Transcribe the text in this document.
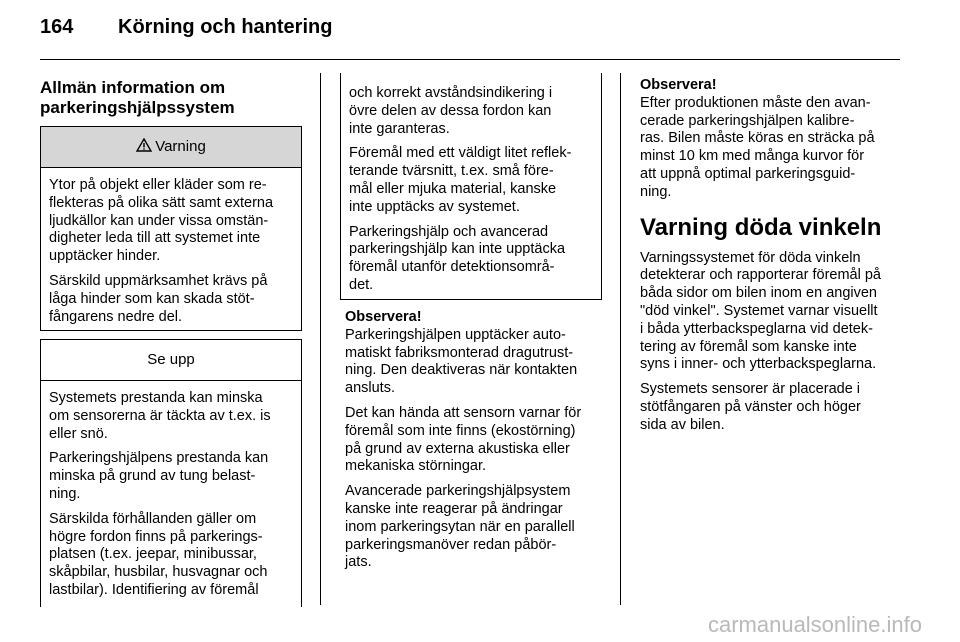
164 Körning och hantering
Allmän information om
parkeringshjälpssystem
Varning

Ytor på objekt eller kläder som re-
flekteras på olika sätt samt externa
ljudkällor kan under vissa omstän-
digheter leda till att systemet inte
upptäcker hinder.

Särskild uppmärksamhet krävs på
låga hinder som kan skada stöt-
fångarens nedre del.

Se upp

Systemets prestanda kan minska
om sensorerna är täckta av t.ex. is
eller snö.

Parkeringshjälpens prestanda kan
minska på grund av tung belast-
ning.

Särskilda förhållanden gäller om
högre fordon finns på parkerings-
platsen (t.ex. jeepar, minibussar,
skåpbilar, husbilar, husvagnar och
lastbilar). Identifiering av föremål

och korrekt avståndsindikering i
övre delen av dessa fordon kan
inte garanteras.

Föremål med ett väldigt litet reflek-
terande tvärsnitt, t.ex. små före-
mål eller mjuka material, kanske
inte upptäcks av systemet.

Parkeringshjälp och avancerad
parkeringshjälp kan inte upptäcka
föremål utanför detektionsområ-
det.

Observera!

Parkeringshjälpen upptäcker auto-
matiskt fabriksmonterad dragutrust-
ning. Den deaktiveras när kontakten
ansluts.

Det kan hända att sensorn varnar för
föremål som inte finns (ekostörning)
på grund av externa akustiska eller
mekaniska störningar.

Avancerade parkeringshjälpsystem
kanske inte reagerar på ändringar
inom parkeringsytan när en parallell
parkeringsmanöver redan påbör-
jats.

Observera!

Efter produktionen måste den avan-
cerade parkeringshjälpen kalibre-
ras. Bilen måste köras en sträcka på
minst 10 km med många kurvor för
att uppnå optimal parkeringsguid-
ning.

Varning döda vinkeln

Varningssystemet för döda vinkeln
detekterar och rapporterar föremål på
båda sidor om bilen inom en angiven
"död vinkel". Systemet varnar visuellt
i båda ytterbackspeglarna vid detek-
tering av föremål som kanske inte
syns i inner- och ytterbackspeglarna.

Systemets sensorer är placerade i
stötfångaren på vänster och höger
sida av bilen.

carmanualsonline.info
